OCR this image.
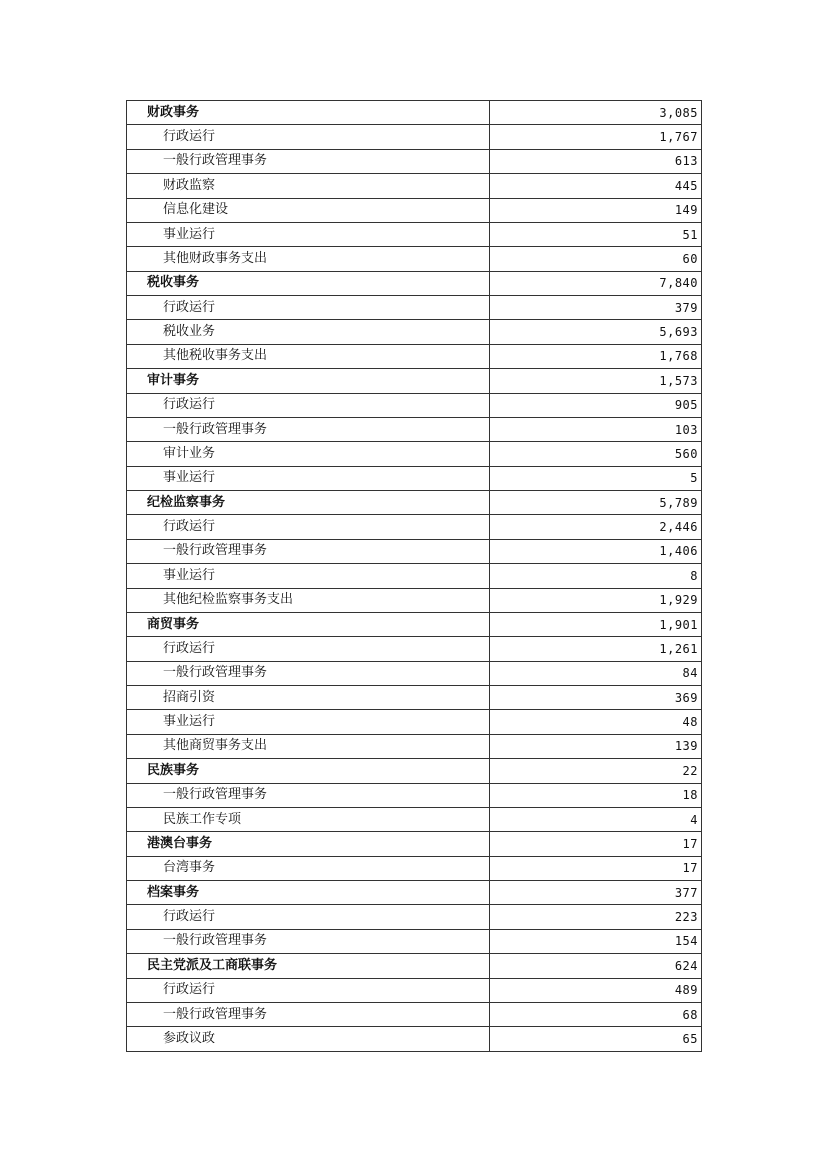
财政事务	3,085
行政运行	1,767
一般行政管理事务	613
财政监察	445
信息化建设	149
事业运行	51
其他财政事务支出	60
税收事务	7,840
行政运行	379
税收业务	5,693
其他税收事务支出	1,768
审计事务	1,573
行政运行	905
一般行政管理事务	103
审计业务	560
事业运行	5
纪检监察事务	5,789
行政运行	2,446
一般行政管理事务	1,406
事业运行	8
其他纪检监察事务支出	1,929
商贸事务	1,901
行政运行	1,261
一般行政管理事务	84
招商引资	369
事业运行	48
其他商贸事务支出	139
民族事务	22
一般行政管理事务	18
民族工作专项	4
港澳台事务	17
台湾事务	17
档案事务	377
行政运行	223
一般行政管理事务	154
民主党派及工商联事务	624
行政运行	489
一般行政管理事务	68
参政议政	65
